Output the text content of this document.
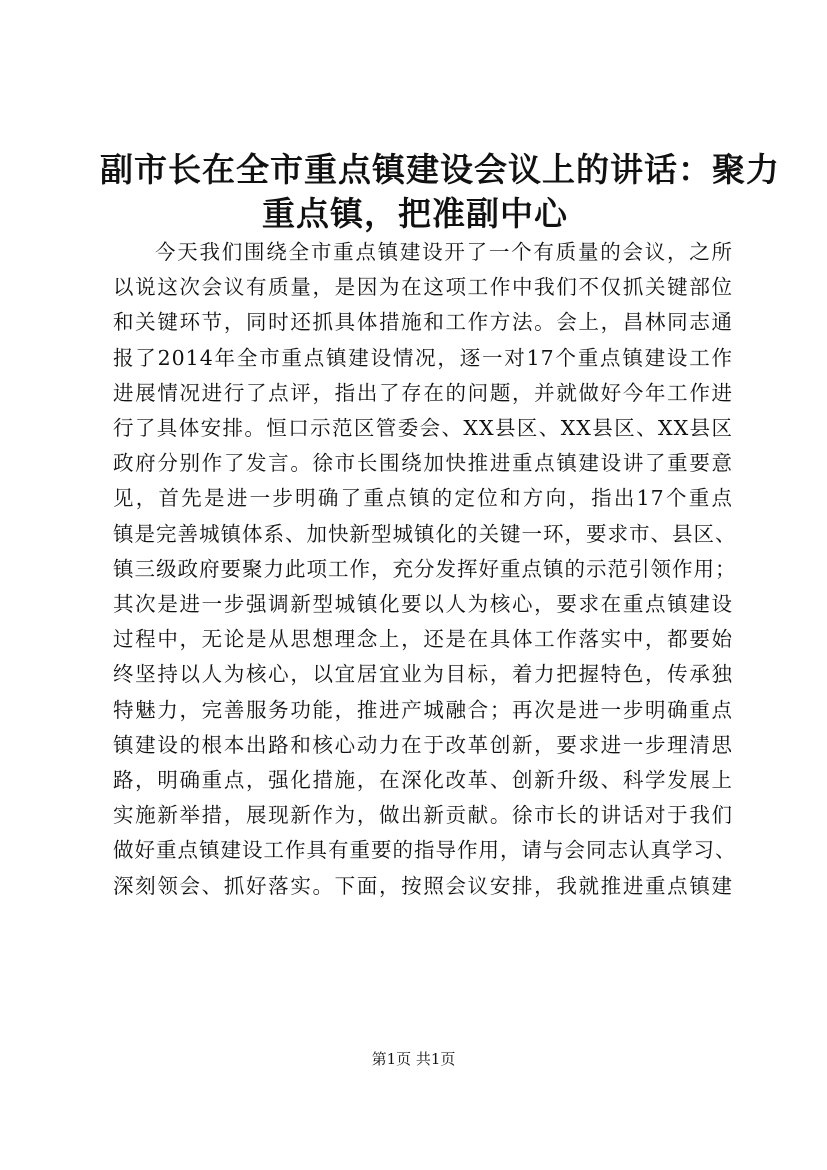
副市长在全市重点镇建设会议上的讲话：聚力
重点镇，把准副中心
今天我们围绕全市重点镇建设开了一个有质量的会议，之所
以说这次会议有质量，是因为在这项工作中我们不仅抓关键部位
和关键环节，同时还抓具体措施和工作方法。会上，昌林同志通
报了2014年全市重点镇建设情况，逐一对17个重点镇建设工作
进展情况进行了点评，指出了存在的问题，并就做好今年工作进
行了具体安排。恒口示范区管委会、XX县区、XX县区、XX县区
政府分别作了发言。徐市长围绕加快推进重点镇建设讲了重要意
见，首先是进一步明确了重点镇的定位和方向，指出17个重点
镇是完善城镇体系、加快新型城镇化的关键一环，要求市、县区、
镇三级政府要聚力此项工作，充分发挥好重点镇的示范引领作用；
其次是进一步强调新型城镇化要以人为核心，要求在重点镇建设
过程中，无论是从思想理念上，还是在具体工作落实中，都要始
终坚持以人为核心，以宜居宜业为目标，着力把握特色，传承独
特魅力，完善服务功能，推进产城融合；再次是进一步明确重点
镇建设的根本出路和核心动力在于改革创新，要求进一步理清思
路，明确重点，强化措施，在深化改革、创新升级、科学发展上
实施新举措，展现新作为，做出新贡献。徐市长的讲话对于我们
做好重点镇建设工作具有重要的指导作用，请与会同志认真学习、
深刻领会、抓好落实。下面，按照会议安排，我就推进重点镇建
第1页 共1页
